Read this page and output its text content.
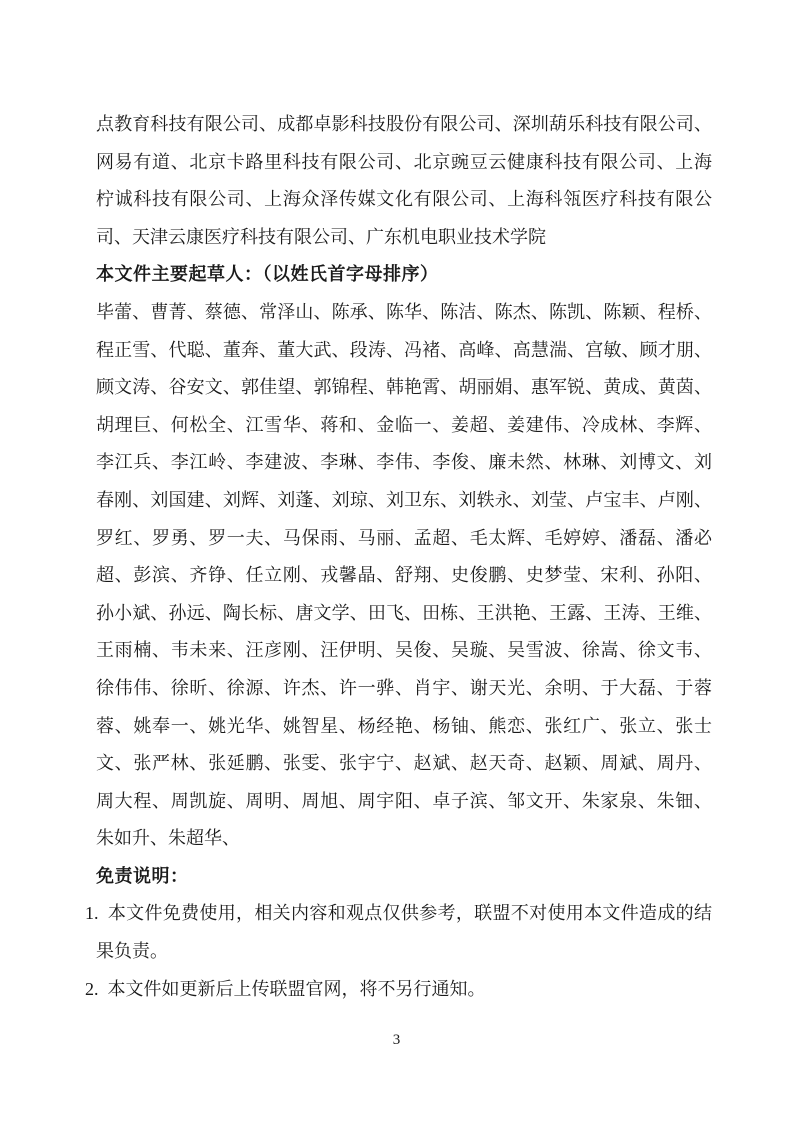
点教育科技有限公司、成都卓影科技股份有限公司、深圳葫乐科技有限公司、
网易有道、北京卡路里科技有限公司、北京豌豆云健康科技有限公司、上海
柠诚科技有限公司、上海众泽传媒文化有限公司、上海科瓴医疗科技有限公
司、天津云康医疗科技有限公司、广东机电职业技术学院
本文件主要起草人：（以姓氏首字母排序）
毕蕾、曹菁、蔡德、常泽山、陈承、陈华、陈洁、陈杰、陈凯、陈颖、程桥、
程正雪、代聪、董奔、董大武、段涛、冯褚、高峰、高慧湍、宫敏、顾才朋、
顾文涛、谷安文、郭佳望、郭锦程、韩艳霄、胡丽娟、惠军锐、黄成、黄茵、
胡理巨、何松全、江雪华、蒋和、金临一、姜超、姜建伟、冷成林、李辉、
李江兵、李江岭、李建波、李琳、李伟、李俊、廉未然、林琳、刘博文、刘
春刚、刘国建、刘辉、刘蓬、刘琼、刘卫东、刘轶永、刘莹、卢宝丰、卢刚、
罗红、罗勇、罗一夫、马保雨、马丽、孟超、毛太辉、毛婷婷、潘磊、潘必
超、彭滨、齐铮、任立刚、戎馨晶、舒翔、史俊鹏、史梦莹、宋利、孙阳、
孙小斌、孙远、陶长标、唐文学、田飞、田栋、王洪艳、王露、王涛、王维、
王雨楠、韦未来、汪彦刚、汪伊明、吴俊、吴璇、吴雪波、徐嵩、徐文韦、
徐伟伟、徐昕、徐源、许杰、许一骅、肖宇、谢天光、余明、于大磊、于蓉
蓉、姚奉一、姚光华、姚智星、杨经艳、杨铀、熊恋、张红广、张立、张士
文、张严林、张延鹏、张雯、张宇宁、赵斌、赵天奇、赵颖、周斌、周丹、
周大程、周凯旋、周明、周旭、周宇阳、卓子滨、邹文开、朱家泉、朱钿、
朱如升、朱超华、
免责说明：
1. 本文件免费使用，相关内容和观点仅供参考，联盟不对使用本文件造成的结果负责。
2. 本文件如更新后上传联盟官网，将不另行通知。
3
